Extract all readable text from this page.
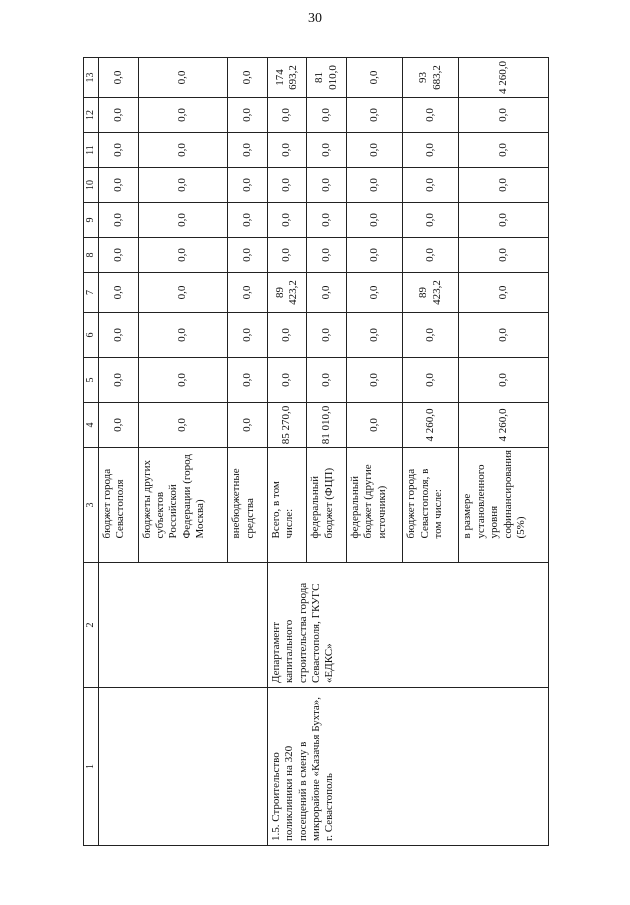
30
1	2	3		4	5	6	7	8	9	10	11	12	13
			бюджет города Севастополя	0,0	0,0	0,0	0,0	0,0	0,0	0,0	0,0	0,0	0,0
			бюджеты других субъектов Российской Федерации (город Москва)	0,0	0,0	0,0	0,0	0,0	0,0	0,0	0,0	0,0	0,0
			внебюджетные средства	0,0	0,0	0,0	0,0	0,0	0,0	0,0	0,0	0,0	0,0
1.5. Строительство поликлиники на 320 посещений в смену в микрорайоне «Казачья Бухта», г. Севастополь	Департамент капитального строительства города Севастополя, ГКУГС «ЕДКС»		Всего, в том числе:	85 270,0	0,0	0,0	89 423,2	0,0	0,0	0,0	0,0	0,0	174 693,2
			федеральный бюджет (ФЦП)	81 010,0	0,0	0,0	0,0	0,0	0,0	0,0	0,0	0,0	81 010,0
			федеральный бюджет (другие источники)	0,0	0,0	0,0	0,0	0,0	0,0	0,0	0,0	0,0	0,0
			бюджет города Севастополя, в том числе:	4 260,0	0,0	0,0	89 423,2	0,0	0,0	0,0	0,0	0,0	93 683,2
			в размере установленного уровня софинансирования (5%)	4 260,0	0,0	0,0	0,0	0,0	0,0	0,0	0,0	0,0	4 260,0
